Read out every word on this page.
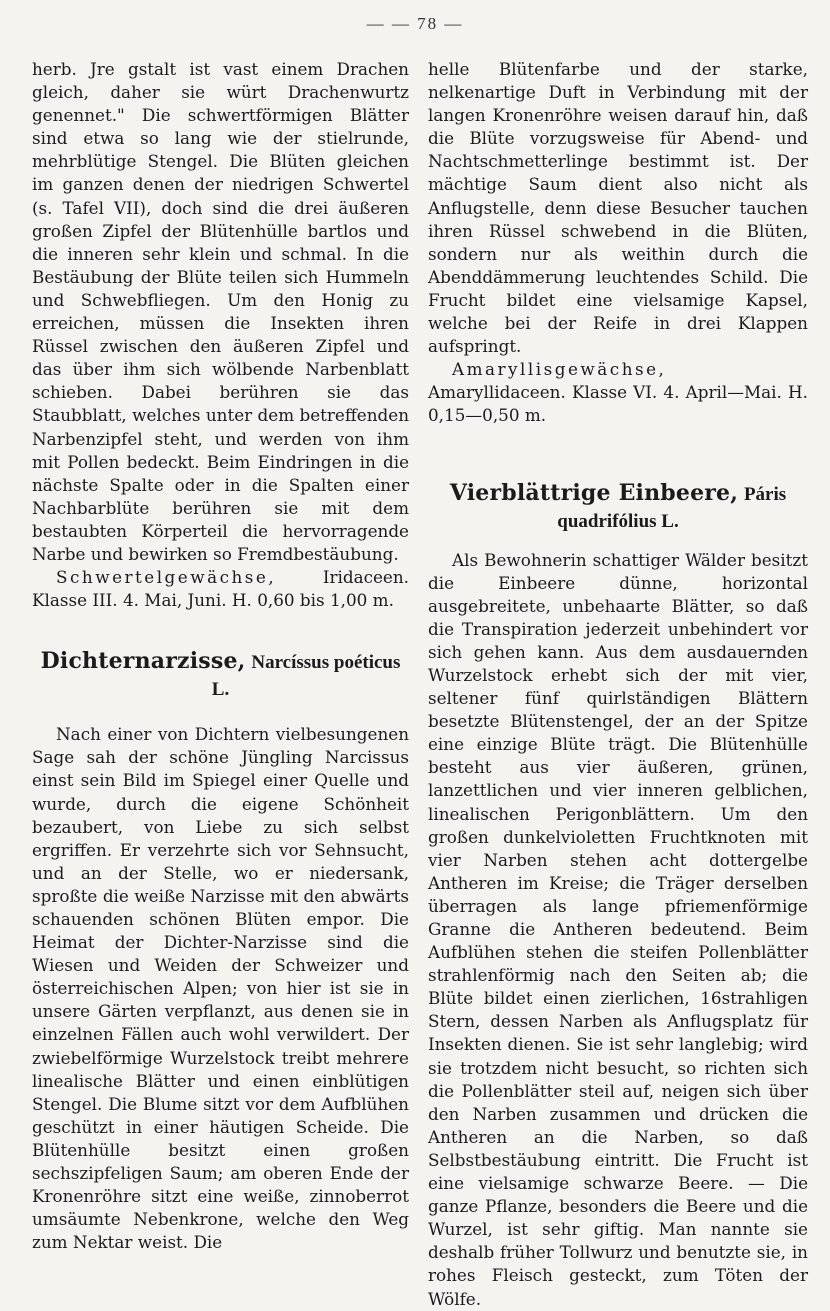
— — 78 —

herb. Jre gstalt ist vast einem Drachen gleich, daher sie würt Drachenwurtz genennet." Die schwertförmigen Blätter sind etwa so lang wie der stielrunde, mehrblütige Stengel. Die Blüten gleichen im ganzen denen der niedrigen Schwertel (s. Tafel VII), doch sind die drei äußeren großen Zipfel der Blütenhülle bartlos und die inneren sehr klein und schmal. In die Bestäubung der Blüte teilen sich Hummeln und Schwebfliegen. Um den Honig zu erreichen, müssen die Insekten ihren Rüssel zwischen den äußeren Zipfel und das über ihm sich wölbende Narbenblatt schieben. Dabei berühren sie das Staubblatt, welches unter dem betreffenden Narbenzipfel steht, und werden von ihm mit Pollen bedeckt. Beim Eindringen in die nächste Spalte oder in die Spalten einer Nachbarblüte berühren sie mit dem bestaubten Körperteil die hervorragende Narbe und bewirken so Fremdbestäubung.

Schwertelgewächse, Iridaceen. Klasse III. 4. Mai, Juni. H. 0,60 bis 1,00 m.

Dichternarzisse, Narcíssus poéticus L.

Nach einer von Dichtern vielbesungenen Sage sah der schöne Jüngling Narcissus einst sein Bild im Spiegel einer Quelle und wurde, durch die eigene Schönheit bezaubert, von Liebe zu sich selbst ergriffen. Er verzehrte sich vor Sehnsucht, und an der Stelle, wo er niedersank, sproßte die weiße Narzisse mit den abwärts schauenden schönen Blüten empor. Die Heimat der Dichter-Narzisse sind die Wiesen und Weiden der Schweizer und österreichischen Alpen; von hier ist sie in unsere Gärten verpflanzt, aus denen sie in einzelnen Fällen auch wohl verwildert. Der zwiebelförmige Wurzelstock treibt mehrere linealische Blätter und einen einblütigen Stengel. Die Blume sitzt vor dem Aufblühen geschützt in einer häutigen Scheide. Die Blütenhülle besitzt einen großen sechszipfeligen Saum; am oberen Ende der Kronenröhre sitzt eine weiße, zinnoberrot umsäumte Nebenkrone, welche den Weg zum Nektar weist. Die

helle Blütenfarbe und der starke, nelkenartige Duft in Verbindung mit der langen Kronenröhre weisen darauf hin, daß die Blüte vorzugsweise für Abend- und Nachtschmetterlinge bestimmt ist. Der mächtige Saum dient also nicht als Anflugstelle, denn diese Besucher tauchen ihren Rüssel schwebend in die Blüten, sondern nur als weithin durch die Abenddämmerung leuchtendes Schild. Die Frucht bildet eine vielsamige Kapsel, welche bei der Reife in drei Klappen aufspringt.

Amaryllisgewächse, Amaryllidaceen. Klasse VI. 4. April—Mai. H. 0,15—0,50 m.

Vierblättrige Einbeere, Páris quadrifólius L.

Als Bewohnerin schattiger Wälder besitzt die Einbeere dünne, horizontal ausgebreitete, unbehaarte Blätter, so daß die Transpiration jederzeit unbehindert vor sich gehen kann. Aus dem ausdauernden Wurzelstock erhebt sich der mit vier, seltener fünf quirlständigen Blättern besetzte Blütenstengel, der an der Spitze eine einzige Blüte trägt. Die Blütenhülle besteht aus vier äußeren, grünen, lanzettlichen und vier inneren gelblichen, linealischen Perigonblättern. Um den großen dunkelvioletten Fruchtknoten mit vier Narben stehen acht dottergelbe Antheren im Kreise; die Träger derselben überragen als lange pfriemenförmige Granne die Antheren bedeutend. Beim Aufblühen stehen die steifen Pollenblätter strahlenförmig nach den Seiten ab; die Blüte bildet einen zierlichen, 16strahligen Stern, dessen Narben als Anflugsplatz für Insekten dienen. Sie ist sehr langlebig; wird sie trotzdem nicht besucht, so richten sich die Pollenblätter steil auf, neigen sich über den Narben zusammen und drücken die Antheren an die Narben, so daß Selbstbestäubung eintritt. Die Frucht ist eine vielsamige schwarze Beere. — Die ganze Pflanze, besonders die Beere und die Wurzel, ist sehr giftig. Man nannte sie deshalb früher Tollwurz und benutzte sie, in rohes Fleisch gesteckt, zum Töten der Wölfe.
